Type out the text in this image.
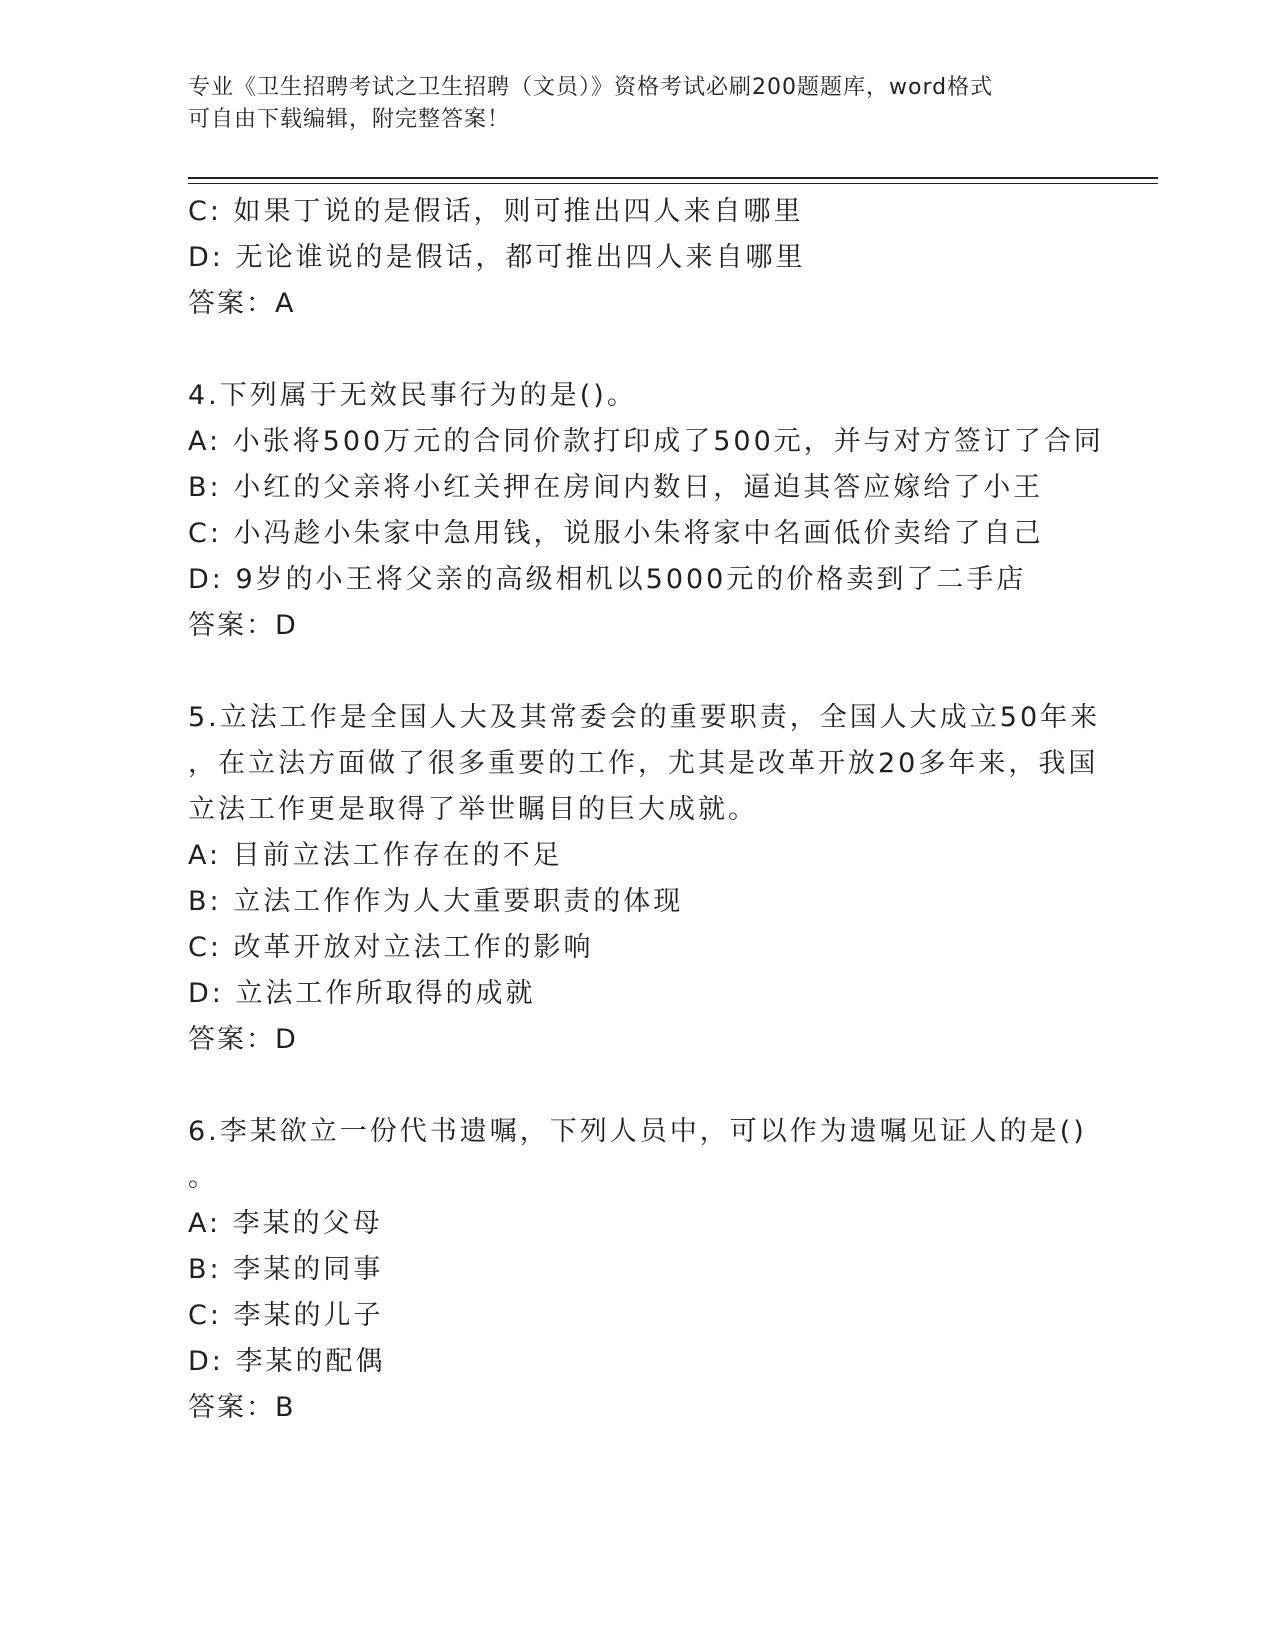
专业《卫生招聘考试之卫生招聘（文员）》资格考试必刷200题题库，word格式
可自由下载编辑，附完整答案！
C: 如果丁说的是假话，则可推出四人来自哪里
D: 无论谁说的是假话，都可推出四人来自哪里
答案：A
4.下列属于无效民事行为的是()。
A: 小张将500万元的合同价款打印成了500元，并与对方签订了合同
B: 小红的父亲将小红关押在房间内数日，逼迫其答应嫁给了小王
C: 小冯趁小朱家中急用钱，说服小朱将家中名画低价卖给了自己
D: 9岁的小王将父亲的高级相机以5000元的价格卖到了二手店
答案：D
5.立法工作是全国人大及其常委会的重要职责，全国人大成立50年来
，在立法方面做了很多重要的工作，尤其是改革开放20多年来，我国
立法工作更是取得了举世瞩目的巨大成就。
A: 目前立法工作存在的不足
B: 立法工作作为人大重要职责的体现
C: 改革开放对立法工作的影响
D: 立法工作所取得的成就
答案：D
6.李某欲立一份代书遗嘱，下列人员中，可以作为遗嘱见证人的是()
。
A: 李某的父母
B: 李某的同事
C: 李某的儿子
D: 李某的配偶
答案：B
